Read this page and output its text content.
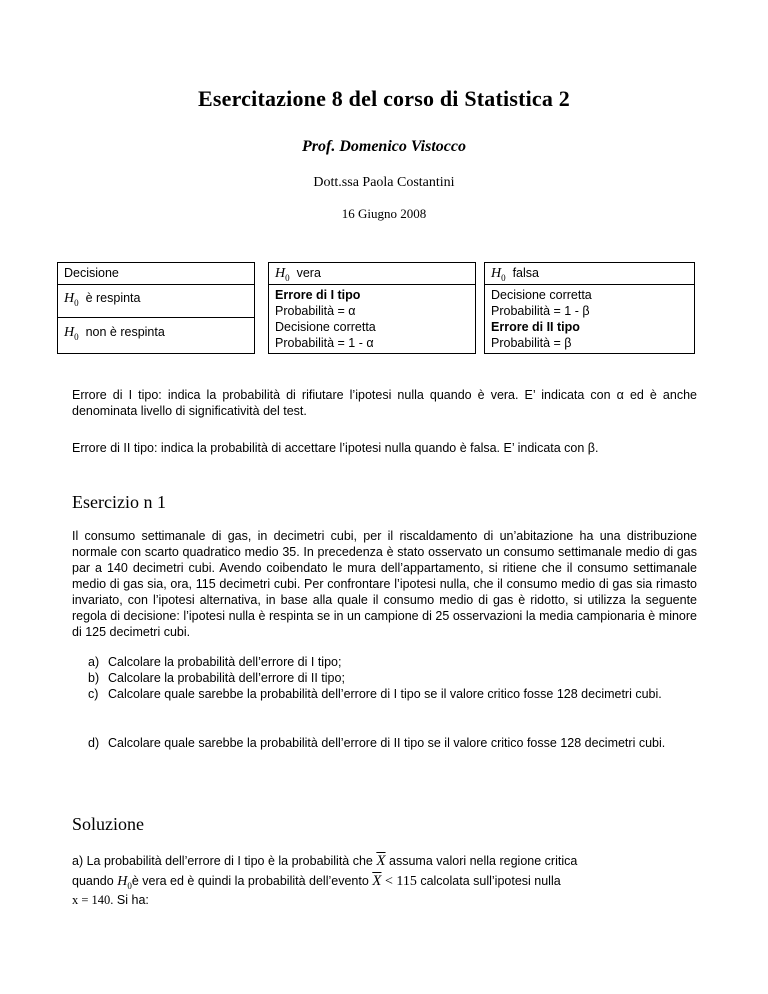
Esercitazione 8 del corso di Statistica 2
Prof. Domenico Vistocco
Dott.ssa Paola Costantini
16 Giugno 2008
Decisione
$H_0$ è respinta
$H_0$ non è respinta
$H_0$ vera
Errore di I tipo
Probabilità = α
Decisione corretta
Probabilità = 1 - α
$H_0$ falsa
Decisione corretta
Probabilità = 1 - β
Errore di II tipo
Probabilità = β
Errore di I tipo: indica la probabilità di rifiutare l’ipotesi nulla quando è vera. E’ indicata con α ed è anche denominata livello di significatività del test.
Errore di II tipo: indica la probabilità di accettare l’ipotesi nulla quando è falsa. E’ indicata con β.
Esercizio n 1
Il consumo settimanale di gas, in decimetri cubi, per il riscaldamento di un’abitazione ha una distribuzione normale con scarto quadratico medio 35. In precedenza è stato osservato un consumo settimanale medio di gas par a 140 decimetri cubi. Avendo coibendato le mura dell’appartamento, si ritiene che il consumo settimanale medio di gas sia, ora, 115 decimetri cubi. Per confrontare l’ipotesi nulla, che il consumo medio di gas sia rimasto invariato, con l’ipotesi alternativa, in base alla quale il consumo medio di gas è ridotto, si utilizza la seguente regola di decisione: l’ipotesi nulla è respinta se in un campione di 25 osservazioni la media campionaria è minore di 125 decimetri cubi.
a) Calcolare la probabilità dell’errore di I tipo;
b) Calcolare la probabilità dell’errore di II tipo;
c) Calcolare quale sarebbe la probabilità dell’errore di I tipo se il valore critico fosse 128 decimetri cubi.
d) Calcolare quale sarebbe la probabilità dell’errore di II tipo se il valore critico fosse 128 decimetri cubi.
Soluzione
a) La probabilità dell’errore di I tipo è la probabilità che $\overline{X}$ assuma valori nella regione critica
quando $H_0è$ vera ed è quindi la probabilità dell’evento $\overline{X} < 115$ calcolata sull’ipotesi nulla
x = 140. Si ha:
